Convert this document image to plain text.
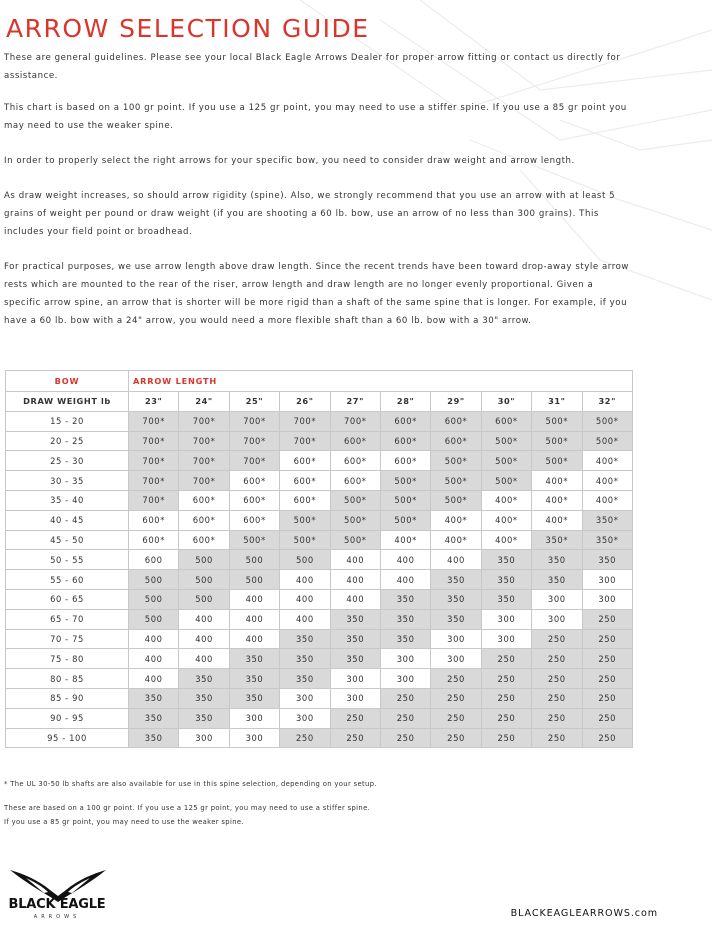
ARROW SELECTION GUIDE

These are general guidelines. Please see your local Black Eagle Arrows Dealer for proper arrow fitting or contact us directly for assistance.

This chart is based on a 100 gr point. If you use a 125 gr point, you may need to use a stiffer spine. If you use a 85 gr point you may need to use the weaker spine.

In order to properly select the right arrows for your specific bow, you need to consider draw weight and arrow length.

As draw weight increases, so should arrow rigidity (spine). Also, we strongly recommend that you use an arrow with at least 5 grains of weight per pound or draw weight (if you are shooting a 60 lb. bow, use an arrow of no less than 300 grains). This includes your field point or broadhead.

For practical purposes, we use arrow length above draw length. Since the recent trends have been toward drop-away style arrow rests which are mounted to the rear of the riser, arrow length and draw length are no longer evenly proportional. Given a specific arrow spine, an arrow that is shorter will be more rigid than a shaft of the same spine that is longer. For example, if you have a 60 lb. bow with a 24" arrow, you would need a more flexible shaft than a 60 lb. bow with a 30" arrow.

BOW	ARROW LENGTH									
DRAW WEIGHT lb	23"	24"	25"	26"	27"	28"	29"	30"	31"	32"
15 - 20	700*	700*	700*	700*	700*	600*	600*	600*	500*	500*
20 - 25	700*	700*	700*	700*	600*	600*	600*	500*	500*	500*
25 - 30	700*	700*	700*	600*	600*	600*	500*	500*	500*	400*
30 - 35	700*	700*	600*	600*	600*	500*	500*	500*	400*	400*
35 - 40	700*	600*	600*	600*	500*	500*	500*	400*	400*	400*
40 - 45	600*	600*	600*	500*	500*	500*	400*	400*	400*	350*
45 - 50	600*	600*	500*	500*	500*	400*	400*	400*	350*	350*
50 - 55	600	500	500	500	400	400	400	350	350	350
55 - 60	500	500	500	400	400	400	350	350	350	300
60 - 65	500	500	400	400	400	350	350	350	300	300
65 - 70	500	400	400	400	350	350	350	300	300	250
70 - 75	400	400	400	350	350	350	300	300	250	250
75 - 80	400	400	350	350	350	300	300	250	250	250
80 - 85	400	350	350	350	300	300	250	250	250	250
85 - 90	350	350	350	300	300	250	250	250	250	250
90 - 95	350	350	300	300	250	250	250	250	250	250
95 - 100	350	300	300	250	250	250	250	250	250	250

* The UL 30-50 lb shafts are also available for use in this spine selection, depending on your setup.

These are based on a 100 gr point. If you use a 125 gr point, you may need to use a stiffer spine.
If you use a 85 gr point, you may need to use the weaker spine.

BLACK EAGLE
ARROWS	BLACKEAGLEARROWS.com
